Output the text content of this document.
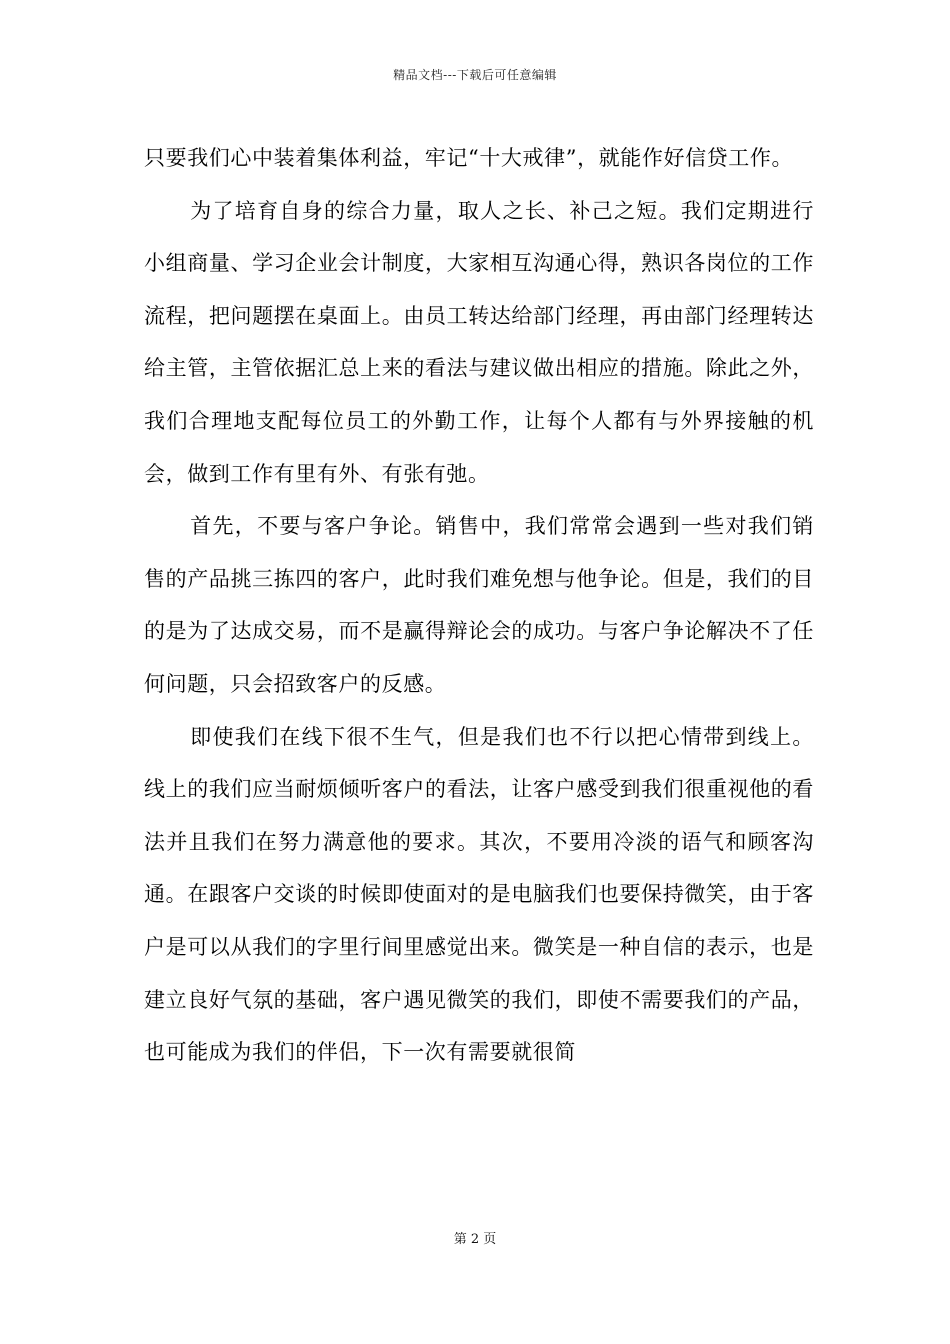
精品文档---下载后可任意编辑

只要我们心中装着集体利益，牢记“十大戒律”，就能作好信贷工作。

为了培育自身的综合力量，取人之长、补己之短。我们定期进行小组商量、学习企业会计制度，大家相互沟通心得，熟识各岗位的工作流程，把问题摆在桌面上。由员工转达给部门经理，再由部门经理转达给主管，主管依据汇总上来的看法与建议做出相应的措施。除此之外，我们合理地支配每位员工的外勤工作，让每个人都有与外界接触的机会，做到工作有里有外、有张有弛。

首先，不要与客户争论。销售中，我们常常会遇到一些对我们销售的产品挑三拣四的客户，此时我们难免想与他争论。但是，我们的目的是为了达成交易，而不是赢得辩论会的成功。与客户争论解决不了任何问题，只会招致客户的反感。

即使我们在线下很不生气，但是我们也不行以把心情带到线上。线上的我们应当耐烦倾听客户的看法，让客户感受到我们很重视他的看法并且我们在努力满意他的要求。其次，不要用冷淡的语气和顾客沟通。在跟客户交谈的时候即使面对的是电脑我们也要保持微笑，由于客户是可以从我们的字里行间里感觉出来。微笑是一种自信的表示，也是建立良好气氛的基础，客户遇见微笑的我们，即使不需要我们的产品，也可能成为我们的伴侣，下一次有需要就很简

第 2 页
